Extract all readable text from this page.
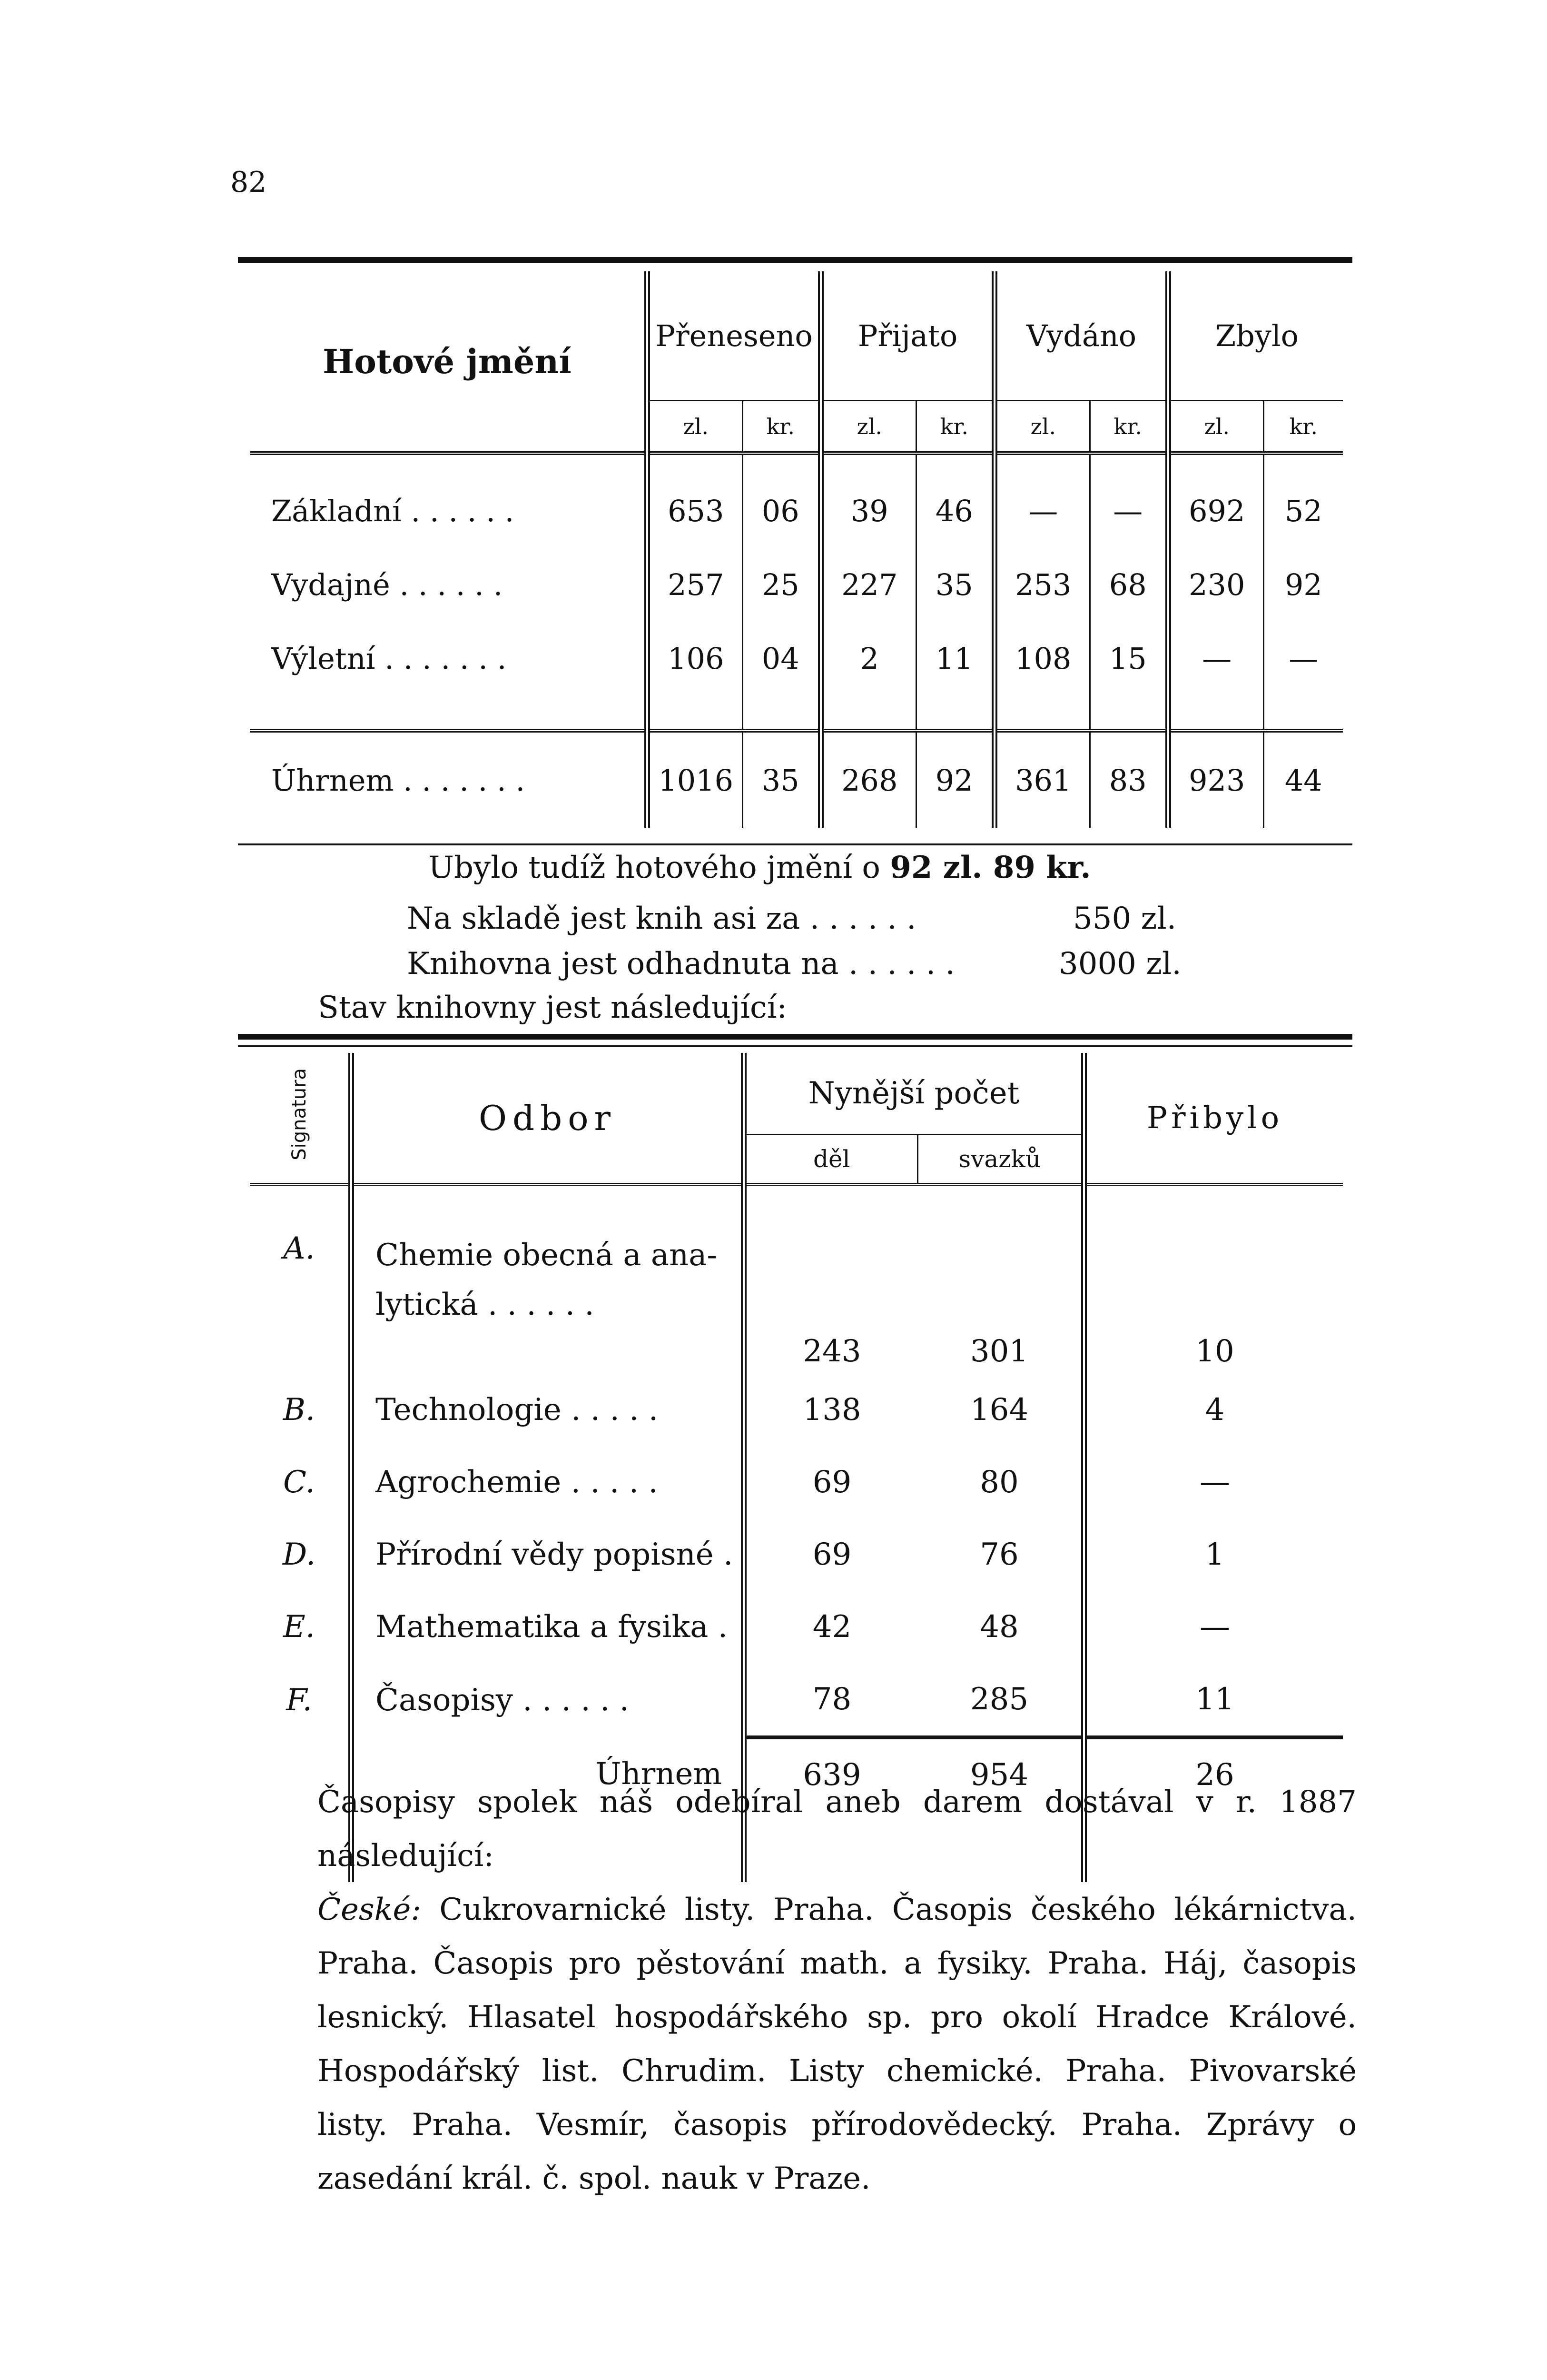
82
Hotové jmění	Přeneseno		Přijato		Vydáno		Zbylo	
	zl.	kr.	zl.	kr.	zl.	kr.	zl.	kr.
Základní . . . . . .	653	06	39	46	—	—	692	52
Vydajné . . . . . .	257	25	227	35	253	68	230	92
Výletní . . . . . . .	106	04	2	11	108	15	—	—

Úhrnem . . . . . . .	1016	35	268	92	361	83	923	44
Ubylo tudíž hotového jmění o 92 zl. 89 kr.
Na skladě jest knih asi za . . . . . .	550 zl.
Knihovna jest odhadnuta na . . . . . .	3000 zl.
Stav knihovny jest následující:
Signatura	Odbor	Nynější počet		Přibylo
		děl	svazků	
A.	Chemie obecná a ana-
lytická . . . . . .	243	301	10
B.	Technologie . . . . .	138	164	4
C.	Agrochemie . . . . .	69	80	—
D.	Přírodní vědy popisné .	69	76	1
E.	Mathematika a fysika .	42	48	—
F.	Časopisy . . . . . .	78	285	11
	Úhrnem	639	954	26

Časopisy spolek náš odebíral aneb darem dostával v r. 1887 následující:

České: Cukrovarnické listy. Praha. Časopis českého lékárnictva. Praha. Časopis pro pěstování math. a fysiky. Praha. Háj, časopis lesnický. Hlasatel hospodářského sp. pro okolí Hradce Králové. Hospodářský list. Chrudim. Listy chemické. Praha. Pivovarské listy. Praha. Vesmír, časopis přírodovědecký. Praha. Zprávy o zasedání král. č. spol. nauk v Praze.
